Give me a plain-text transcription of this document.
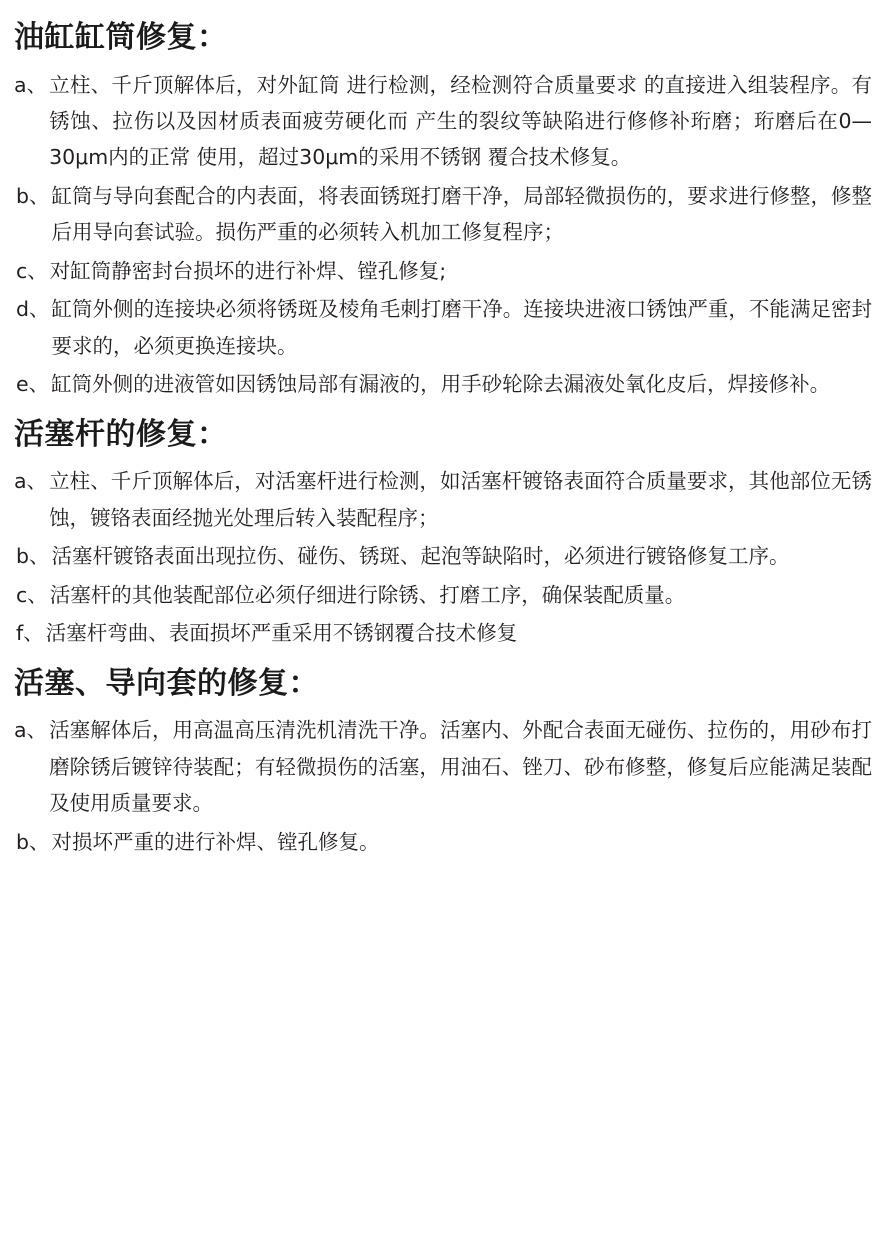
油缸缸筒修复：
a、 立柱、千斤顶解体后，对外缸筒 进行检测，经检测符合质量要求 的直接进入组装程序。有锈蚀、拉伤以及因材质表面疲劳硬化而 产生的裂纹等缺陷进行修修补珩磨；珩磨后在0—30μm内的正常 使用，超过30μm的采用不锈钢 覆合技术修复。
b、 缸筒与导向套配合的内表面，将表面锈斑打磨干净，局部轻微损伤的，要求进行修整，修整后用导向套试验。损伤严重的必须转入机加工修复程序；
c、 对缸筒静密封台损坏的进行补焊、镗孔修复;
d、 缸筒外侧的连接块必须将锈斑及棱角毛刺打磨干净。连接块进液口锈蚀严重，不能满足密封要求的，必须更换连接块。
e、 缸筒外侧的进液管如因锈蚀局部有漏液的，用手砂轮除去漏液处氧化皮后，焊接修补。
活塞杆的修复：
a、 立柱、千斤顶解体后，对活塞杆进行检测，如活塞杆镀铬表面符合质量要求，其他部位无锈蚀，镀铬表面经抛光处理后转入装配程序；
b、 活塞杆镀铬表面出现拉伤、碰伤、锈斑、起泡等缺陷时，必须进行镀铬修复工序。
c、 活塞杆的其他装配部位必须仔细进行除锈、打磨工序，确保装配质量。
f、 活塞杆弯曲、表面损坏严重采用不锈钢覆合技术修复
活塞、导向套的修复：
a、 活塞解体后，用高温高压清洗机清洗干净。活塞内、外配合表面无碰伤、拉伤的，用砂布打磨除锈后镀锌待装配；有轻微损伤的活塞，用油石、锉刀、砂布修整，修复后应能满足装配及使用质量要求。
b、 对损坏严重的进行补焊、镗孔修复。
